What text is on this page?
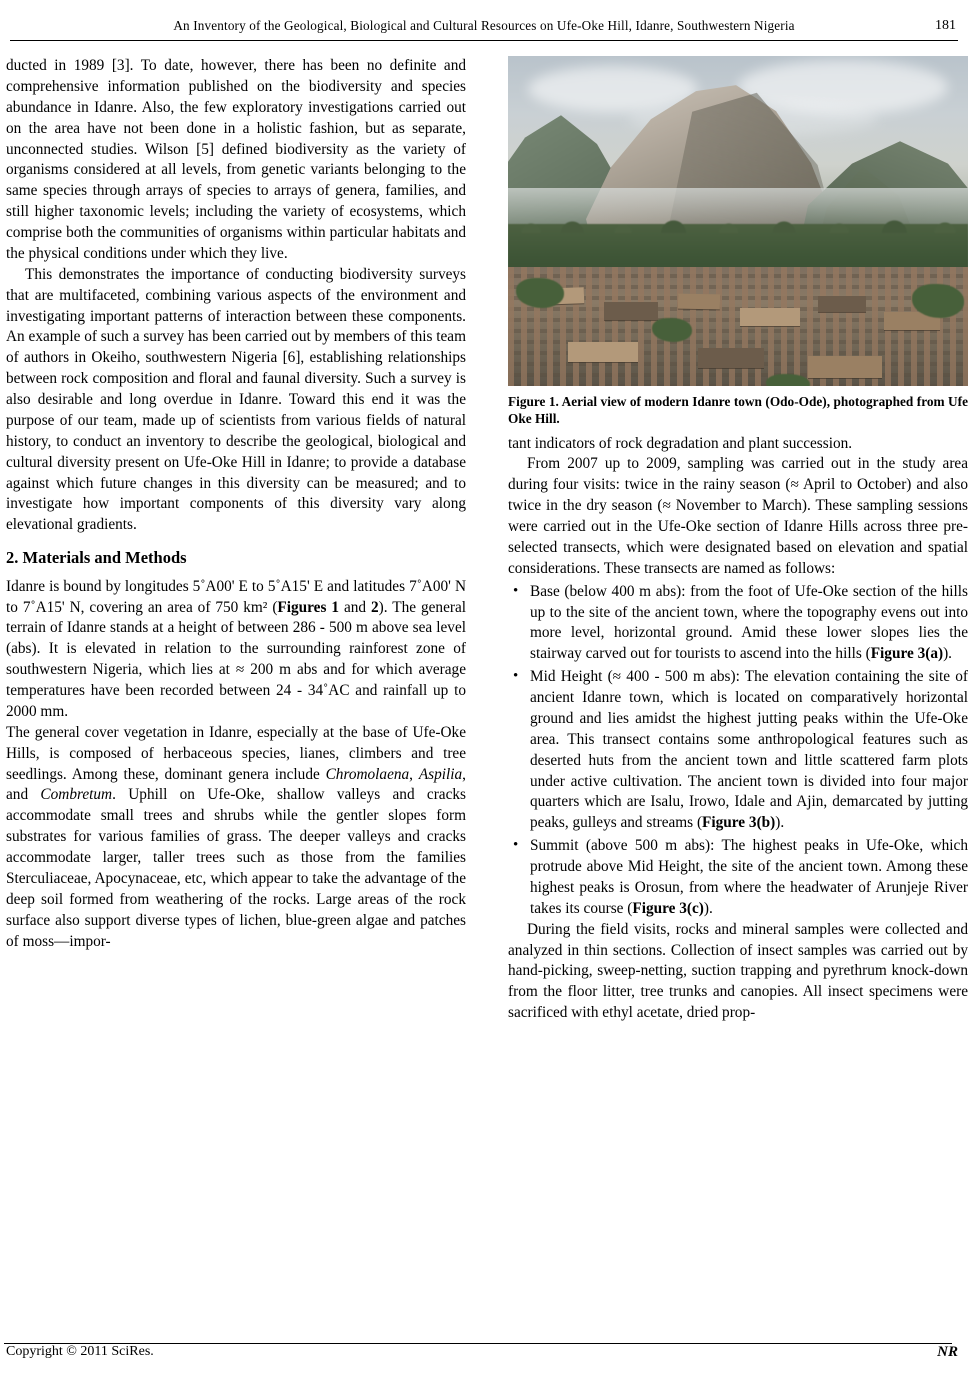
An Inventory of the Geological, Biological and Cultural Resources on Ufe-Oke Hill, Idanre, Southwestern Nigeria	181

ducted in 1989 [3]. To date, however, there has been no definite and comprehensive information published on the biodiversity and species abundance in Idanre. Also, the few exploratory investigations carried out on the area have not been done in a holistic fashion, but as separate, unconnected studies. Wilson [5] defined biodiversity as the variety of organisms considered at all levels, from genetic variants belonging to the same species through arrays of species to arrays of genera, families, and still higher taxonomic levels; including the variety of ecosystems, which comprise both the communities of organisms within particular habitats and the physical conditions under which they live.

This demonstrates the importance of conducting biodiversity surveys that are multifaceted, combining various aspects of the environment and investigating important patterns of interaction between these components. An example of such a survey has been carried out by members of this team of authors in Okeiho, southwestern Nigeria [6], establishing relationships between rock composition and floral and faunal diversity. Such a survey is also desirable and long overdue in Idanre. Toward this end it was the purpose of our team, made up of scientists from various fields of natural history, to conduct an inventory to describe the geological, biological and cultural diversity present on Ufe-Oke Hill in Idanre; to provide a database against which future changes in this diversity can be measured; and to investigate how important components of this diversity vary along elevational gradients.

2. Materials and Methods

Idanre is bound by longitudes 5˚A00' E to 5˚A15' E and latitudes 7˚A00' N to 7˚A15' N, covering an area of 750 km² (Figures 1 and 2). The general terrain of Idanre stands at a height of between 286 - 500 m above sea level (abs). It is elevated in relation to the surrounding rainforest zone of southwestern Nigeria, which lies at ≈ 200 m abs and for which average temperatures have been recorded between 24 - 34˚AC and rainfall up to 2000 mm.

The general cover vegetation in Idanre, especially at the base of Ufe-Oke Hills, is composed of herbaceous species, lianes, climbers and tree seedlings. Among these, dominant genera include Chromolaena, Aspilia, and Combretum. Uphill on Ufe-Oke, shallow valleys and cracks accommodate small trees and shrubs while the gentler slopes form substrates for various families of grass. The deeper valleys and cracks accommodate larger, taller trees such as those from the families Sterculiaceae, Apocynaceae, etc, which appear to take the advantage of the deep soil formed from weathering of the rocks. Large areas of the rock surface also support diverse types of lichen, blue-green algae and patches of moss—impor-

Figure 1. Aerial view of modern Idanre town (Odo-Ode), photographed from Ufe Oke Hill.

tant indicators of rock degradation and plant succession.

From 2007 up to 2009, sampling was carried out in the study area during four visits: twice in the rainy season (≈ April to October) and also twice in the dry season (≈ November to March). These sampling sessions were carried out in the Ufe-Oke section of Idanre Hills across three pre-selected transects, which were designated based on elevation and spatial considerations. These transects are named as follows:

• Base (below 400 m abs): from the foot of Ufe-Oke section of the hills up to the site of the ancient town, where the topography evens out into more level, horizontal ground. Amid these lower slopes lies the stairway carved out for tourists to ascend into the hills (Figure 3(a)).
• Mid Height (≈ 400 - 500 m abs): The elevation containing the site of ancient Idanre town, which is located on comparatively horizontal ground and lies amidst the highest jutting peaks within the Ufe-Oke area. This transect contains some anthropological features such as deserted huts from the ancient town and little scattered farm plots under active cultivation. The ancient town is divided into four major quarters which are Isalu, Irowo, Idale and Ajin, demarcated by jutting peaks, gulleys and streams (Figure 3(b)).
• Summit (above 500 m abs): The highest peaks in Ufe-Oke, which protrude above Mid Height, the site of the ancient town. Among these highest peaks is Orosun, from where the headwater of Arunjeje River takes its course (Figure 3(c)).

During the field visits, rocks and mineral samples were collected and analyzed in thin sections. Collection of insect samples was carried out by hand-picking, sweep-netting, suction trapping and pyrethrum knock-down from the floor litter, tree trunks and canopies. All insect specimens were sacrificed with ethyl acetate, dried prop-

Copyright © 2011 SciRes.	NR
